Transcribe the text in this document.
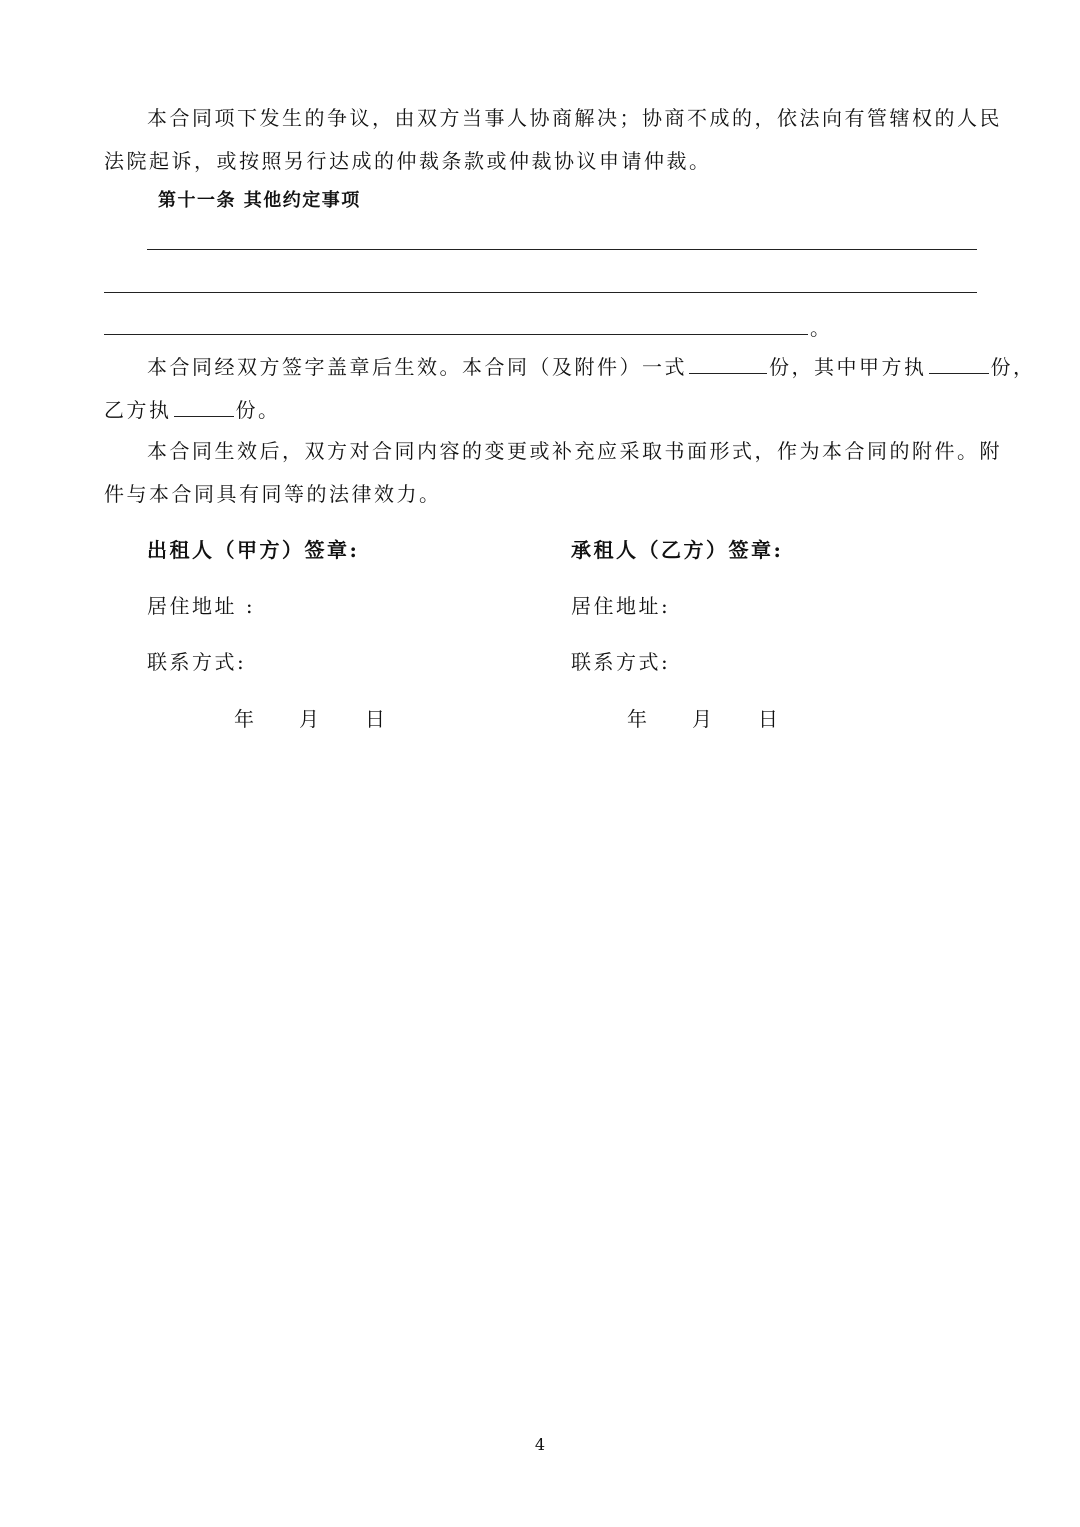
本合同项下发生的争议，由双方当事人协商解决；协商不成的，依法向有管辖权的人民
法院起诉，或按照另行达成的仲裁条款或仲裁协议申请仲裁。
第十一条 其他约定事项
。
本合同经双方签字盖章后生效。本合同（及附件）一式	份，其中甲方执	份，
乙方执	份。
本合同生效后，双方对合同内容的变更或补充应采取书面形式，作为本合同的附件。附
件与本合同具有同等的法律效力。
出租人（甲方）签章:
居住地址 :
联系方式:
年 月 日
承租人（乙方）签章:
居住地址:
联系方式:
年 月 日
4
